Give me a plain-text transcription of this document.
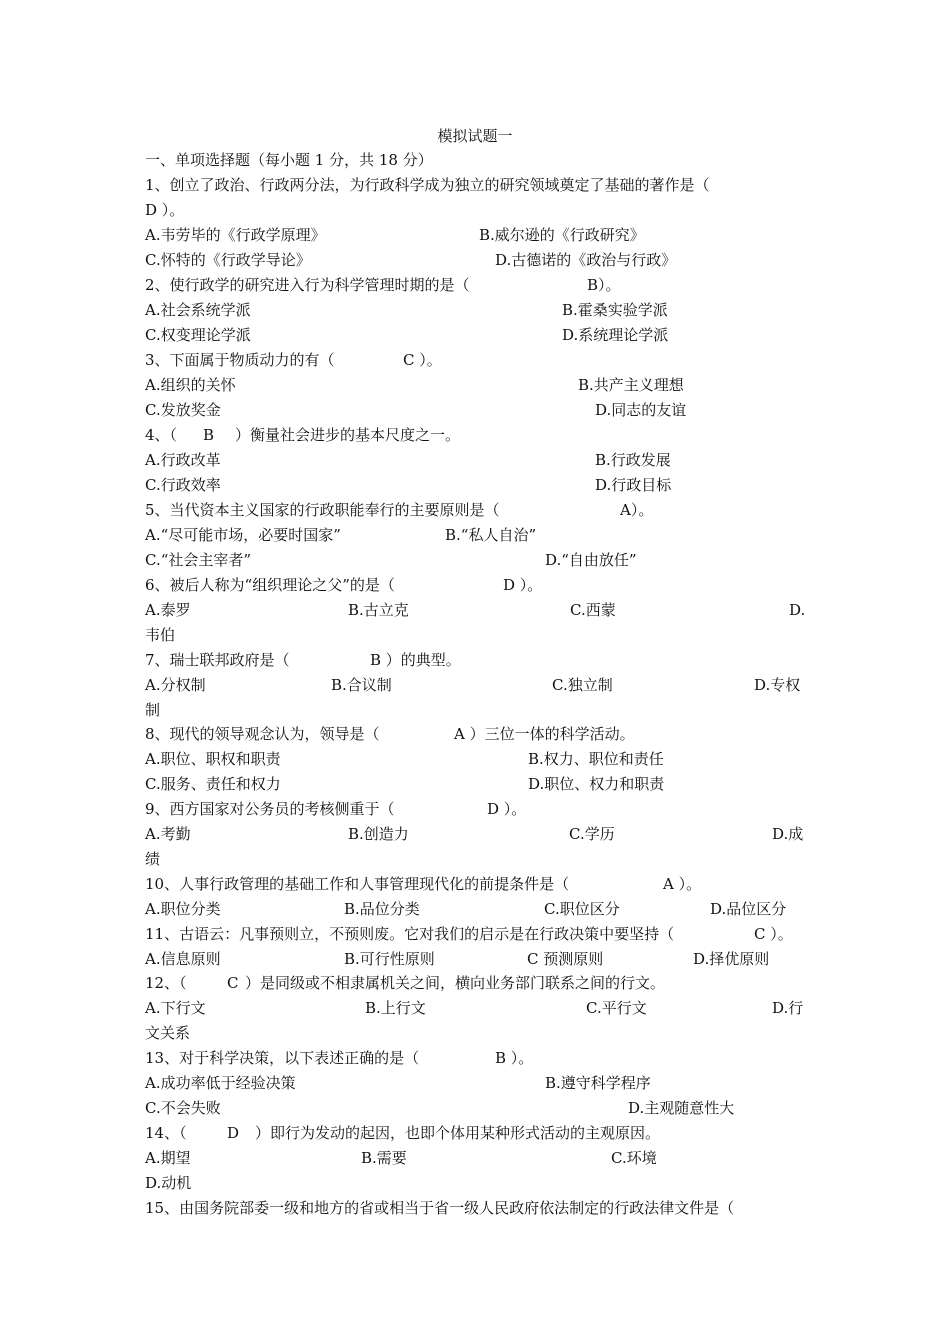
模拟试题一
一、单项选择题（每小题 1 分，共 18 分）
1、创立了政治、行政两分法，为行政科学成为独立的研究领域奠定了基础的著作是（
D ）。
A.韦劳毕的《行政学原理》	B.威尔逊的《行政研究》
C.怀特的《行政学导论》	D.古德诺的《政治与行政》
2、使行政学的研究进入行为科学管理时期的是（	B）。
A.社会系统学派	B.霍桑实验学派
C.权变理论学派	D.系统理论学派
3、下面属于物质动力的有（	C ）。
A.组织的关怀	B.共产主义理想
C.发放奖金	D.同志的友谊
4、（ B ）衡量社会进步的基本尺度之一。
A.行政改革	B.行政发展
C.行政效率	D.行政目标
5、当代资本主义国家的行政职能奉行的主要原则是（	A）。
A.“尽可能市场，必要时国家”	B.“私人自治”
C.“社会主宰者”	D.“自由放任”
6、被后人称为“组织理论之父”的是（	D ）。
A.泰罗	B.古立克	C.西蒙	D.
韦伯
7、瑞士联邦政府是（	B ）的典型。
A.分权制	B.合议制	C.独立制	D.专权
制
8、现代的领导观念认为，领导是（	A ）三位一体的科学活动。
A.职位、职权和职责	B.权力、职位和责任
C.服务、责任和权力	D.职位、权力和职责
9、西方国家对公务员的考核侧重于（	D ）。
A.考勤	B.创造力	C.学历	D.成
绩
10、人事行政管理的基础工作和人事管理现代化的前提条件是（	A ）。
A.职位分类	B.品位分类	C.职位区分	D.品位区分
11、古语云：凡事预则立，不预则废。它对我们的启示是在行政决策中要坚持（	C ）。
A.信息原则	B.可行性原则	C 预测原则	D.择优原则
12、（	C ）是同级或不相隶属机关之间，横向业务部门联系之间的行文。
A.下行文	B.上行文	C.平行文	D.行
文关系
13、对于科学决策，以下表述正确的是（	B ）。
A.成功率低于经验决策	B.遵守科学程序
C.不会失败	D.主观随意性大
14、（	D ）即行为发动的起因，也即个体用某种形式活动的主观原因。
A.期望	B.需要	C.环境
D.动机
15、由国务院部委一级和地方的省或相当于省一级人民政府依法制定的行政法律文件是（
